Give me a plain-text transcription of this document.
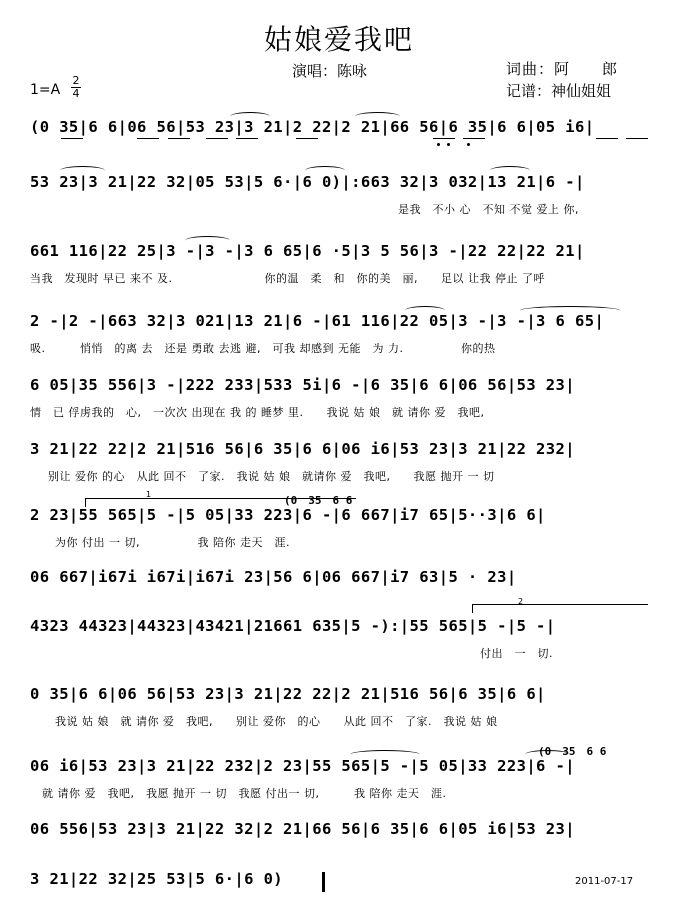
姑娘爱我吧
演唱：陈咏	词曲：阿　　郎
记谱：神仙姐姐
1=A
2
4
(0 35|6 6|06 56|53 23|3 21|2 22|2 21|66 56|6 35|6 6|05 i6|
53 23|3 21|22 32|05 53|5 6·|6 0)|:663 32|3 032|13 21|6 -|
是我　不小 心　不知 不觉 爱上 你,
661 116|22 25|3 -|3 -|3 6 65|6 ·5|3 5 56|3 -|22 22|22 21|
当我　发现时 早已 来不 及.　　　　　　　　你的温　柔　和　你的美　丽,　　足以 让我 停止 了呼
2 -|2 -|663 32|3 021|13 21|6 -|61 116|22 05|3 -|3 -|3 6 65|
吸.　　　悄悄　的离 去　还是 勇敢 去逃 避,　可我 却感到 无能　为 力.　　　　　你的热
6 05|35 556|3 -|222 233|533 5i|6 -|6 35|6 6|06 56|53 23|
情　已 俘虏我的　心,　一次次 出现在 我 的 睡梦 里.　　我说 姑 娘　就 请你 爱　我吧,
3 21|22 22|2 21|516 56|6 35|6 6|06 i6|53 23|3 21|22 232|
别让 爱你 的心　从此 回不　了家.　我说 姑 娘　就请你 爱　我吧,　　我愿 抛开 一 切
2 23|55 565|5 -|5 05|33 223|6 -|6 667|i7 65|5··3|6 6|
为你 付出 一 切,　　　　　我 陪你 走天　涯.
06 667|i67i i67i|i67i 23|56 6|06 667|i7 63|5 · 23|
4323 44323|44323|43421|21661 635|5 -):|55 565|5 -|5 -|
付出　一　切.
0 35|6 6|06 56|53 23|3 21|22 22|2 21|516 56|6 35|6 6|
我说 姑 娘　就 请你 爱　我吧,　　别让 爱你　的心　　从此 回不　了家.　我说 姑 娘
06 i6|53 23|3 21|22 232|2 23|55 565|5 -|5 05|33 223|6 -|
就 请你 爱　我吧,　我愿 抛开 一 切　我愿 付出一 切,　　　我 陪你 走天　涯.
06 556|53 23|3 21|22 32|2 21|66 56|6 35|6 6|05 i6|53 23|
3 21|22 32|25 53|5 6·|6 0)
(0　35　6 6
(0　35　6 6
1
2
2011-07-17
